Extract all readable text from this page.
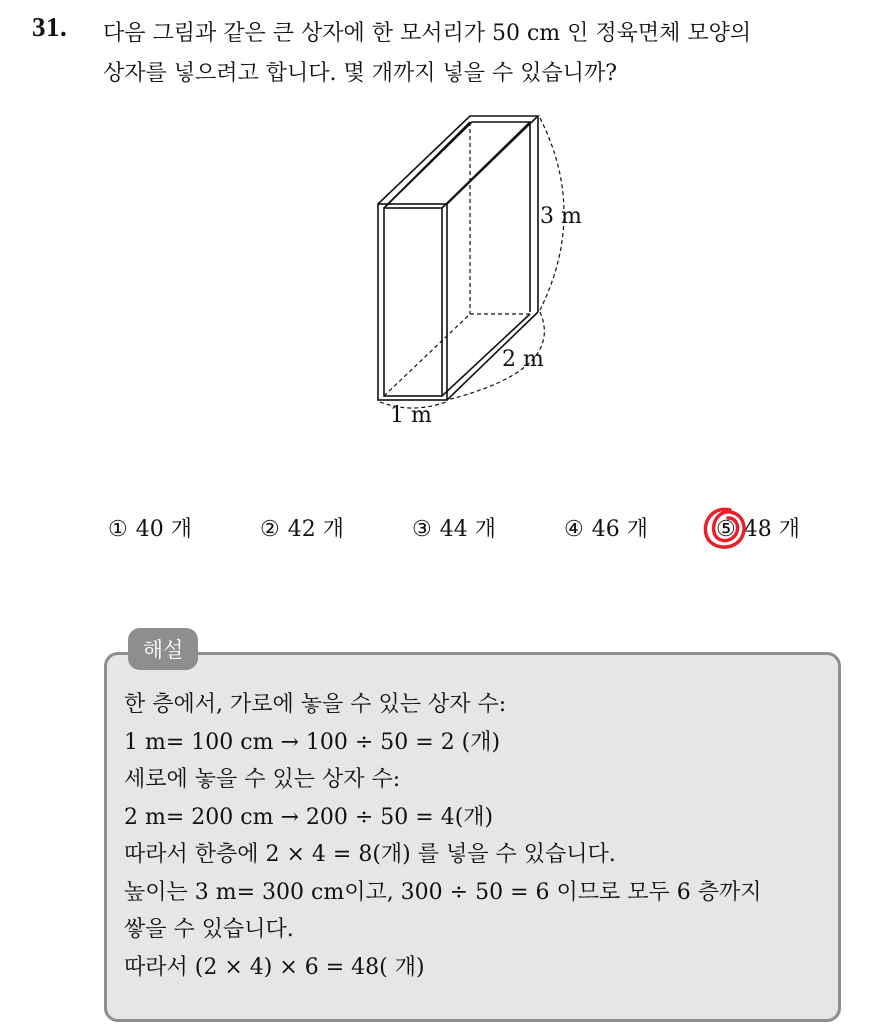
31. 다음 그림과 같은 큰 상자에 한 모서리가 50 cm 인 정육면체 모양의
상자를 넣으려고 합니다. 몇 개까지 넣을 수 있습니까?
3 m
2 m
1 m
① 40 개	② 42 개	③ 44 개	④ 46 개	⑤ 48 개
해설
한 층에서, 가로에 놓을 수 있는 상자 수:
1 m= 100 cm → 100 ÷ 50 = 2 (개)
세로에 놓을 수 있는 상자 수:
2 m= 200 cm → 200 ÷ 50 = 4(개)
따라서 한층에 2 × 4 = 8(개) 를 넣을 수 있습니다.
높이는 3 m= 300 cm이고, 300 ÷ 50 = 6 이므로 모두 6 층까지
쌓을 수 있습니다.
따라서 (2 × 4) × 6 = 48( 개)
